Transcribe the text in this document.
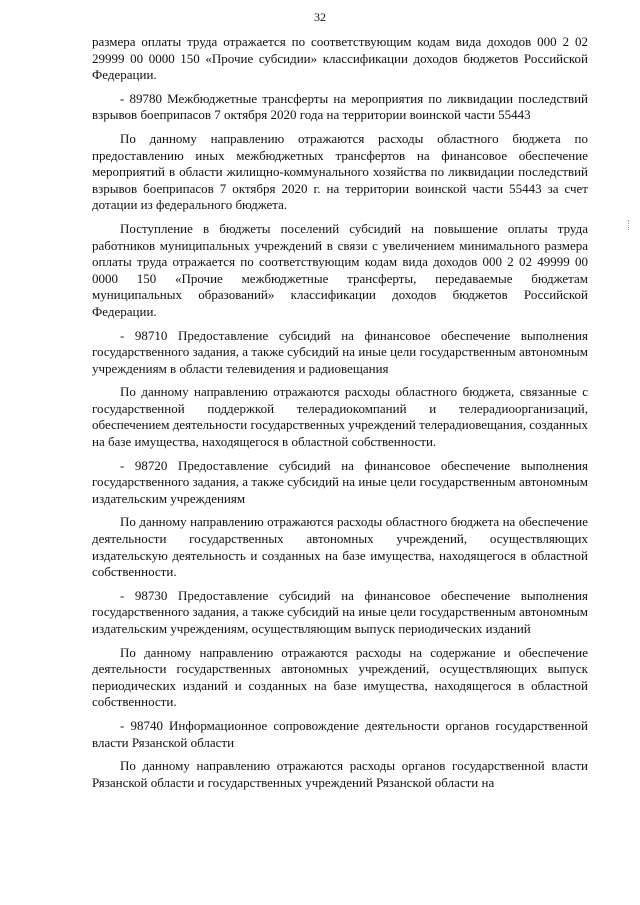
32

размера оплаты труда отражается по соответствующим кодам вида доходов 000 2 02 29999 00 0000 150 «Прочие субсидии» классификации доходов бюджетов Российской Федерации.

- 89780 Межбюджетные трансферты на мероприятия по ликвидации последствий взрывов боеприпасов 7 октября 2020 года на территории воинской части 55443

По данному направлению отражаются расходы областного бюджета по предоставлению иных межбюджетных трансфертов на финансовое обеспечение мероприятий в области жилищно-коммунального хозяйства по ликвидации последствий взрывов боеприпасов 7 октября 2020 г. на территории воинской части 55443 за счет дотации из федерального бюджета.

Поступление в бюджеты поселений субсидий на повышение оплаты труда работников муниципальных учреждений в связи с увеличением минимального размера оплаты труда отражается по соответствующим кодам вида доходов 000 2 02 49999 00 0000 150 «Прочие межбюджетные трансферты, передаваемые бюджетам муниципальных образований» классификации доходов бюджетов Российской Федерации.

- 98710 Предоставление субсидий на финансовое обеспечение выполнения государственного задания, а также субсидий на иные цели государственным автономным учреждениям в области телевидения и радиовещания

По данному направлению отражаются расходы областного бюджета, связанные с государственной поддержкой телерадиокомпаний и телерадиоорганизаций, обеспечением деятельности государственных учреждений телерадиовещания, созданных на базе имущества, находящегося в областной собственности.

- 98720 Предоставление субсидий на финансовое обеспечение выполнения государственного задания, а также субсидий на иные цели государственным автономным издательским учреждениям

По данному направлению отражаются расходы областного бюджета на обеспечение деятельности государственных автономных учреждений, осуществляющих издательскую деятельность и созданных на базе имущества, находящегося в областной собственности.

- 98730 Предоставление субсидий на финансовое обеспечение выполнения государственного задания, а также субсидий на иные цели государственным автономным издательским учреждениям, осуществляющим выпуск периодических изданий

По данному направлению отражаются расходы на содержание и обеспечение деятельности государственных автономных учреждений, осуществляющих выпуск периодических изданий и созданных на базе имущества, находящегося в областной собственности.

- 98740 Информационное сопровождение деятельности органов государственной власти Рязанской области

По данному направлению отражаются расходы органов государственной власти Рязанской области и государственных учреждений Рязанской области на
